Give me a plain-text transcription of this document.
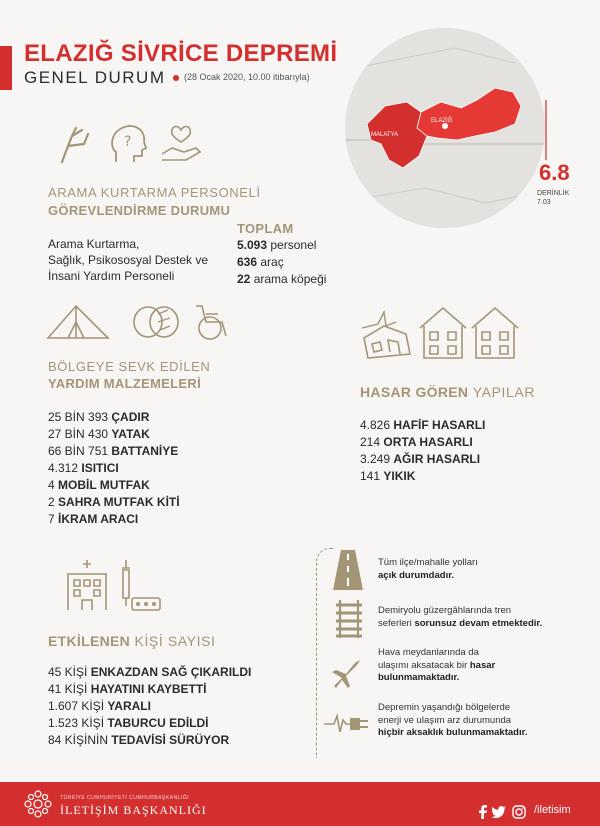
ELAZIĞ SİVRİCE DEPREMİ
GENEL DURUM (28 Ocak 2020, 10.00 itibarıyla)
MALATYA
ELAZIĞ
6.8
DERİNLİK
7.03
?
ARAMA KURTARMA PERSONELİ
GÖREVLENDİRME DURUMU
Arama Kurtarma,
Sağlık, Psikososyal Destek ve
İnsani Yardım Personeli
TOPLAM
5.093 personel
636 araç
22 arama köpeği
BÖLGEYE SEVK EDİLEN
YARDIM MALZEMELERİ
25 BİN 393 ÇADIR
27 BİN 430 YATAK
66 BİN 751 BATTANİYE
4.312 ISITICI
4 MOBİL MUTFAK
2 SAHRA MUTFAK KİTİ
7 İKRAM ARACI
HASAR GÖREN YAPILAR
4.826 HAFİF HASARLI
214 ORTA HASARLI
3.249 AĞIR HASARLI
141 YIKIK
ETKİLENEN KİŞİ SAYISI
45 KİŞİ ENKAZDAN SAĞ ÇIKARILDI
41 KİŞİ HAYATINI KAYBETTİ
1.607 KİŞİ YARALI
1.523 KİŞİ TABURCU EDİLDİ
84 KİŞİNİN TEDAVİSİ SÜRÜYOR
Tüm ilçe/mahalle yolları
açık durumdadır.
Demiryolu güzergâhlarında tren
seferleri sorunsuz devam etmektedir.
Hava meydanlarında da
ulaşımı aksatacak bir hasar
bulunmamaktadır.
Depremin yaşandığı bölgelerde
enerji ve ulaşım arz durumunda
hiçbir aksaklık bulunmamaktadır.
TÜRKİYE CUMHURİYETİ CUMHURBAŞKANLIĞI
İLETİŞİM BAŞKANLIĞI	/iletisim
